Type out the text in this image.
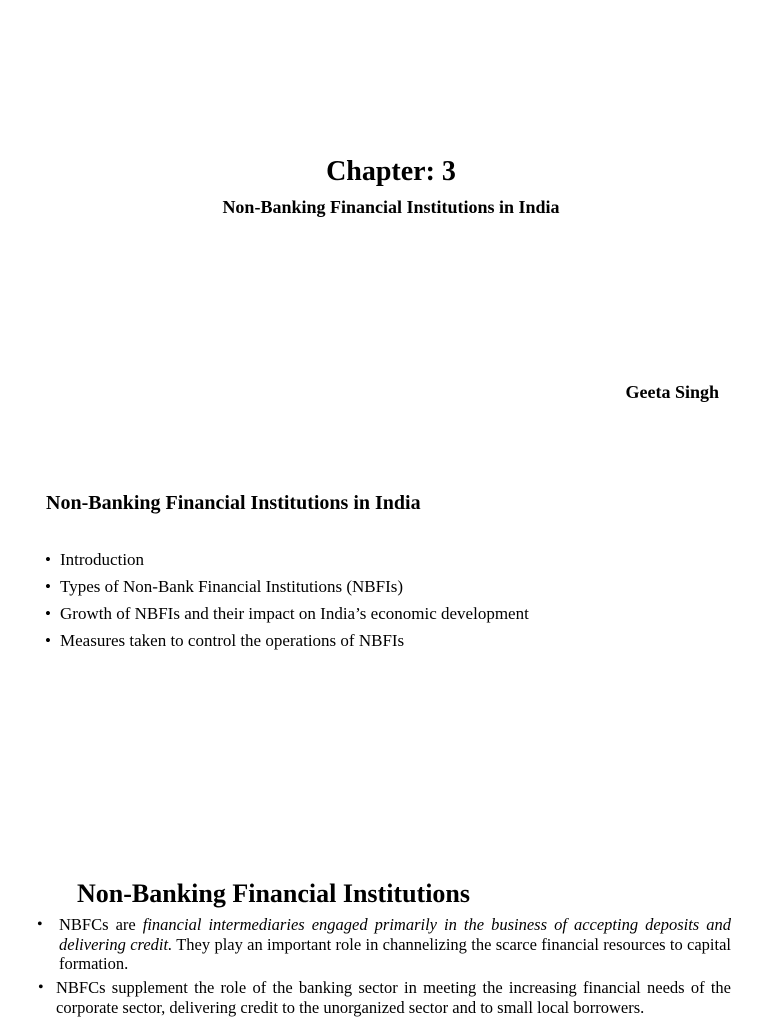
Chapter: 3
Non-Banking Financial Institutions in India
Geeta Singh
Non-Banking Financial Institutions in India
• Introduction
• Types of Non-Bank Financial Institutions (NBFIs)
• Growth of NBFIs and their impact on India’s economic development
• Measures taken to control the operations of NBFIs
Non-Banking Financial Institutions
• NBFCs are financial intermediaries engaged primarily in the business of accepting deposits and delivering credit. They play an important role in channelizing the scarce financial resources to capital formation.

• NBFCs supplement the role of the banking sector in meeting the increasing financial needs of the corporate sector, delivering credit to the unorganized sector and to small local borrowers.
